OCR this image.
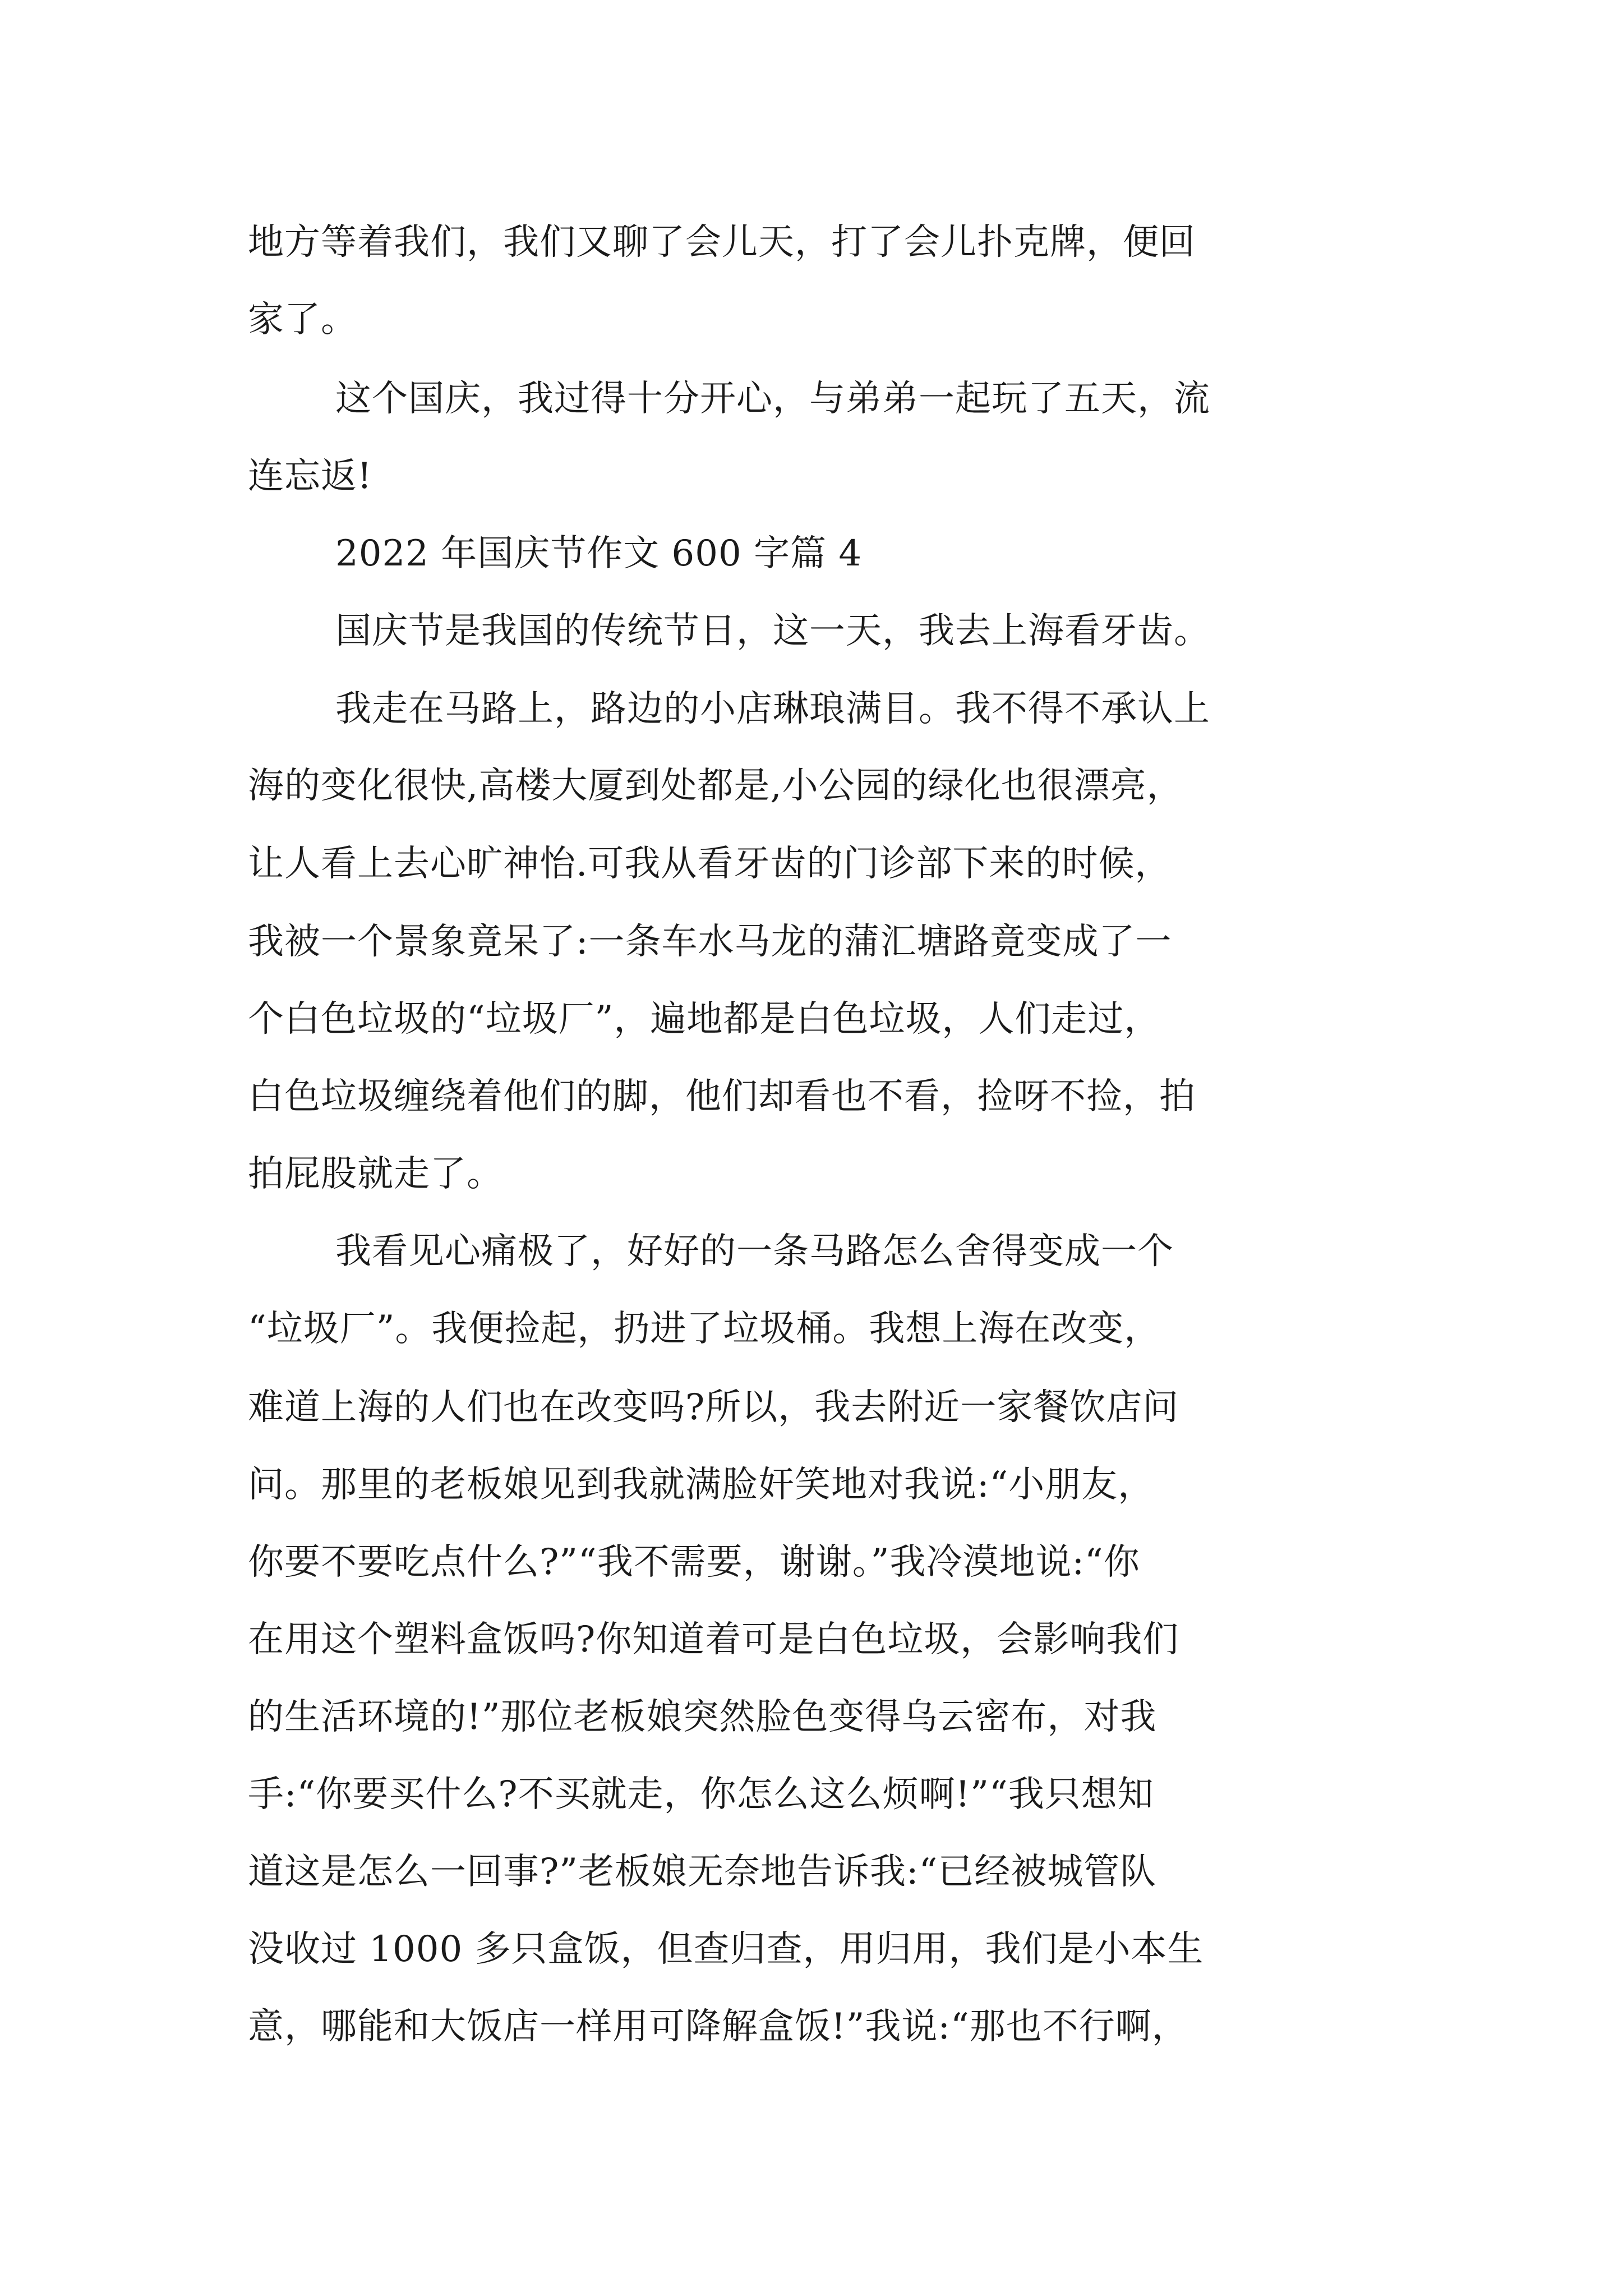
地方等着我们，我们又聊了会儿天，打了会儿扑克牌，便回
家了。
这个国庆，我过得十分开心，与弟弟一起玩了五天，流
连忘返!
2022 年国庆节作文 600 字篇 4
国庆节是我国的传统节日，这一天，我去上海看牙齿。
我走在马路上，路边的小店琳琅满目。我不得不承认上
海的变化很快,高楼大厦到处都是,小公园的绿化也很漂亮，
让人看上去心旷神怡.可我从看牙齿的门诊部下来的时候，
我被一个景象竟呆了:一条车水马龙的蒲汇塘路竟变成了一
个白色垃圾的“垃圾厂”，遍地都是白色垃圾，人们走过，
白色垃圾缠绕着他们的脚，他们却看也不看，捡呀不捡，拍
拍屁股就走了。
我看见心痛极了，好好的一条马路怎么舍得变成一个
“垃圾厂”。我便捡起，扔进了垃圾桶。我想上海在改变，
难道上海的人们也在改变吗?所以，我去附近一家餐饮店问
问。那里的老板娘见到我就满脸奸笑地对我说:“小朋友，
你要不要吃点什么?”“我不需要，谢谢。”我冷漠地说:“你
在用这个塑料盒饭吗?你知道着可是白色垃圾，会影响我们
的生活环境的!”那位老板娘突然脸色变得乌云密布，对我
手:“你要买什么?不买就走，你怎么这么烦啊!”“我只想知
道这是怎么一回事?”老板娘无奈地告诉我:“已经被城管队
没收过 1000 多只盒饭，但查归查，用归用，我们是小本生
意，哪能和大饭店一样用可降解盒饭!”我说:“那也不行啊，
